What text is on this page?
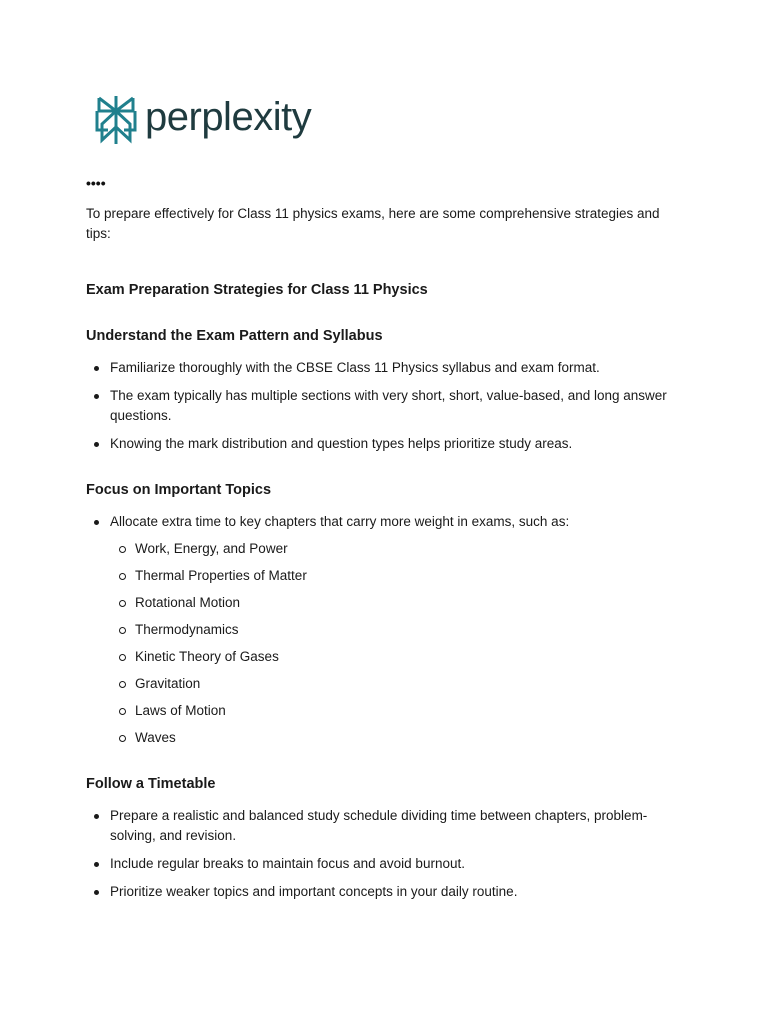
perplexity
••••

To prepare effectively for Class 11 physics exams, here are some comprehensive strategies and tips:

Exam Preparation Strategies for Class 11 Physics
Understand the Exam Pattern and Syllabus
Familiarize thoroughly with the CBSE Class 11 Physics syllabus and exam format.
The exam typically has multiple sections with very short, short, value-based, and long answer questions.
Knowing the mark distribution and question types helps prioritize study areas.
Focus on Important Topics
Allocate extra time to key chapters that carry more weight in exams, such as:
Work, Energy, and Power
Thermal Properties of Matter
Rotational Motion
Thermodynamics
Kinetic Theory of Gases
Gravitation
Laws of Motion
Waves
Follow a Timetable
Prepare a realistic and balanced study schedule dividing time between chapters, problem-solving, and revision.
Include regular breaks to maintain focus and avoid burnout.
Prioritize weaker topics and important concepts in your daily routine.
